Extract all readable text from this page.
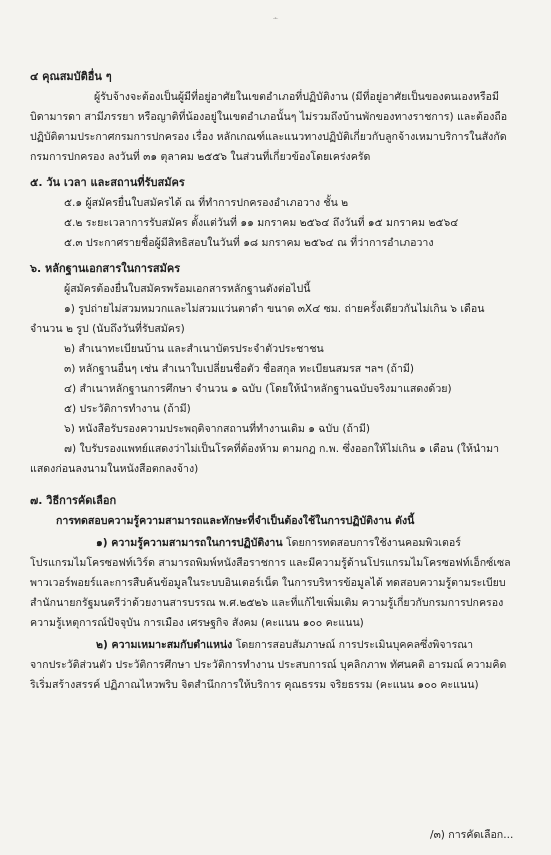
- ๓ -
๔ คุณสมบัติอื่น ๆ
ผู้รับจ้างจะต้องเป็นผู้มีที่อยู่อาศัยในเขตอำเภอที่ปฏิบัติงาน (มีที่อยู่อาศัยเป็นของตนเองหรือมี
บิดามารดา สามีภรรยา หรือญาติที่น้องอยู่ในเขตอำเภอนั้นๆ ไม่รวมถึงบ้านพักของทางราชการ) และต้องถือ
ปฏิบัติตามประกาศกรมการปกครอง เรื่อง หลักเกณฑ์และแนวทางปฏิบัติเกี่ยวกับลูกจ้างเหมาบริการในสังกัด
กรมการปกครอง ลงวันที่ ๓๑ ตุลาคม ๒๕๕๖ ในส่วนที่เกี่ยวข้องโดยเคร่งครัด
๕. วัน เวลา และสถานที่รับสมัคร
๕.๑ ผู้สมัครยื่นใบสมัครได้ ณ ที่ทำการปกครองอำเภอวาง ชั้น ๒
๕.๒ ระยะเวลาการรับสมัคร ตั้งแต่วันที่ ๑๑ มกราคม ๒๕๖๔ ถึงวันที่ ๑๕ มกราคม ๒๕๖๔
๕.๓ ประกาศรายชื่อผู้มีสิทธิสอบในวันที่ ๑๘ มกราคม ๒๕๖๔ ณ ที่ว่าการอำเภอวาง
๖. หลักฐานเอกสารในการสมัคร
ผู้สมัครต้องยื่นใบสมัครพร้อมเอกสารหลักฐานดังต่อไปนี้
๑) รูปถ่ายไม่สวมหมวกและไม่สวมแว่นตาดำ ขนาด ๓X๔ ซม. ถ่ายครั้งเดียวกันไม่เกิน ๖ เดือน
จำนวน ๒ รูป (นับถึงวันที่รับสมัคร)
๒) สำเนาทะเบียนบ้าน และสำเนาบัตรประจำตัวประชาชน
๓) หลักฐานอื่นๆ เช่น สำเนาใบเปลี่ยนชื่อตัว ชื่อสกุล ทะเบียนสมรส ฯลฯ (ถ้ามี)
๔) สำเนาหลักฐานการศึกษา จำนวน ๑ ฉบับ (โดยให้นำหลักฐานฉบับจริงมาแสดงด้วย)
๕) ประวัติการทำงาน (ถ้ามี)
๖) หนังสือรับรองความประพฤติจากสถานที่ทำงานเดิม ๑ ฉบับ (ถ้ามี)
๗) ใบรับรองแพทย์แสดงว่าไม่เป็นโรคที่ต้องห้าม ตามกฎ ก.พ. ซึ่งออกให้ไม่เกิน ๑ เดือน (ให้นำมา
แสดงก่อนลงนามในหนังสือตกลงจ้าง)
๗. วิธีการคัดเลือก
การทดสอบความรู้ความสามารถและทักษะที่จำเป็นต้องใช้ในการปฏิบัติงาน ดังนี้
๑) ความรู้ความสามารถในการปฏิบัติงาน โดยการทดสอบการใช้งานคอมพิวเตอร์
โปรแกรมไมโครซอฟท์เวิร์ด สามารถพิมพ์หนังสือราชการ และมีความรู้ด้านโปรแกรมไมโครซอฟท์เอ็กซ์เซล
พาวเวอร์พอยร์และการสืบค้นข้อมูลในระบบอินเตอร์เน็ต ในการบริหารข้อมูลได้ ทดสอบความรู้ตามระเบียบ
สำนักนายกรัฐมนตรีว่าด้วยงานสารบรรณ พ.ศ.๒๕๒๖ และที่แก้ไขเพิ่มเติม ความรู้เกี่ยวกับกรมการปกครอง
ความรู้เหตุการณ์ปัจจุบัน การเมือง เศรษฐกิจ สังคม (คะแนน ๑๐๐ คะแนน)
๒) ความเหมาะสมกับตำแหน่ง โดยการสอบสัมภาษณ์ การประเมินบุคคลซึ่งพิจารณา
จากประวัติส่วนตัว ประวัติการศึกษา ประวัติการทำงาน ประสบการณ์ บุคลิกภาพ ทัศนคติ อารมณ์ ความคิด
ริเริ่มสร้างสรรค์ ปฏิภาณไหวพริบ จิตสำนึกการให้บริการ คุณธรรม จริยธรรม (คะแนน ๑๐๐ คะแนน)
/๓) การคัดเลือก...
